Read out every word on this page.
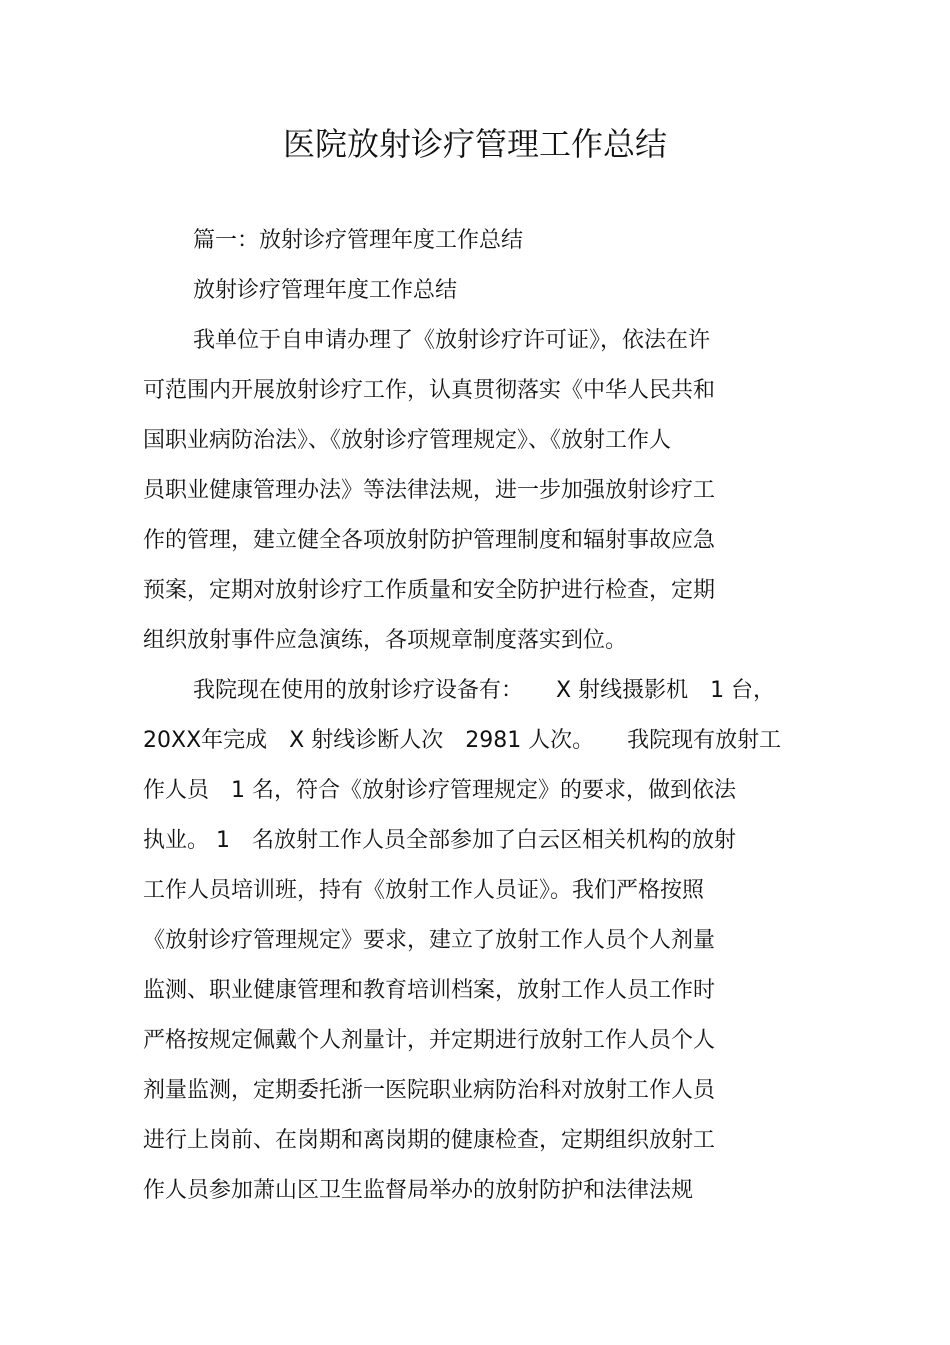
医院放射诊疗管理工作总结
篇一：放射诊疗管理年度工作总结
放射诊疗管理年度工作总结
我单位于自申请办理了《放射诊疗许可证》，依法在许
可范围内开展放射诊疗工作，认真贯彻落实《中华人民共和
国职业病防治法》、《放射诊疗管理规定》、《放射工作人
员职业健康管理办法》等法律法规，进一步加强放射诊疗工
作的管理，建立健全各项放射防护管理制度和辐射事故应急
预案，定期对放射诊疗工作质量和安全防护进行检查，定期
组织放射事件应急演练，各项规章制度落实到位。
我院现在使用的放射诊疗设备有：　　X 射线摄影机　1 台，
20XX年完成　X 射线诊断人次　2981 人次。　　我院现有放射工
作人员　1 名，符合《放射诊疗管理规定》的要求，做到依法
执业。 1　名放射工作人员全部参加了白云区相关机构的放射
工作人员培训班，持有《放射工作人员证》。我们严格按照
《放射诊疗管理规定》要求，建立了放射工作人员个人剂量
监测、职业健康管理和教育培训档案，放射工作人员工作时
严格按规定佩戴个人剂量计，并定期进行放射工作人员个人
剂量监测，定期委托浙一医院职业病防治科对放射工作人员
进行上岗前、在岗期和离岗期的健康检查，定期组织放射工
作人员参加萧山区卫生监督局举办的放射防护和法律法规
